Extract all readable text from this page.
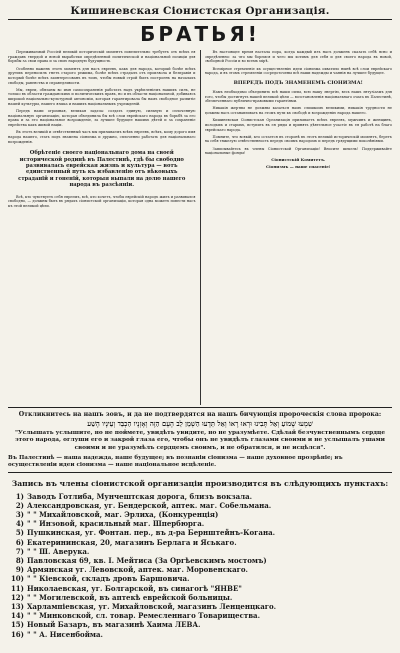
Кишиневская Сіонистская Организація.
БРАТЬЯ!

Переживаемый Россіей великій историческій моментъ повелительно требуетъ отъ всѣхъ ея граждавъ твердой и ясной выработки опредѣленной политической и національной позиціи для борьбы за свои права и за свою народную будущность.

Особенно важенъ этотъ моментъ для насъ евреевъ, какъ для народа, который болѣе всѣхъ другихъ переносилъ гнетъ старого режима, болѣе всѣхъ страдалъ отъ произвола и безправія и который болѣе всѣхъ заинтересованъ въ томъ, чтобы новый строй былъ построенъ на началахъ свободы, равенства и справедливости.

Мы, евреи, обязаны во имя самосохраненія работать надъ укрѣпленіемъ нашихъ силъ, не только въ области гражданскихъ и политическихъ правъ, но и въ области національной, добиваясь широкой національно-культурной автономіи, которая гарантировала бы намъ свободное развитіе нашей культуры, нашего языка и нашихъ національныхъ учрежденій.

Передъ нами огромная, великая задача: создать единую, сильную и сплоченную національную организацію, которая объединила бы всѣ слои еврейскаго народа въ борьбѣ за его права и за его національное возрожденіе, за лучшее будущее нашихъ дѣтей и за сохраненіе еврейства какъ живой націи.

Въ этотъ великій и отвѣтственный часъ мы призываемъ всѣхъ евреевъ, всѣхъ, кому дорого имя народа нашего, стать подъ знамена сіонизма и дружно, сплоченно работать для національнаго возрожденія.

Обрѣтеніе своего національнаго дома на своей исторической родинѣ въ Палестинѣ, гдѣ бы свободно развивалась еврейская жизнь и культура — вотъ единственный путь къ избавленію отъ вѣковыхъ страданій и гоненій, которыя выпали на долю нашего народа въ разсѣяніи.

Всѣ, кто чувствуетъ себя евреемъ, всѣ, кто хочетъ, чтобы еврейскій народъ жилъ и развивался свободно, — должны быть въ рядахъ сіонистской организаціи, которая одна можетъ повести насъ къ этой великой цѣли.

Въ настоящее время настала пора, когда каждый изъ насъ долженъ сказать себѣ ясно и опредѣленно: за что мы боремся и чего мы хотимъ для себя и для своего народа въ новой, свободной Россіи и во всемъ мірѣ.

Всемірное стремленіе къ осуществленію идеи сіонизма охватило нынѣ всѣ слои еврейскаго народа, и въ этомъ стремленіи сосредоточены всѣ наши надежды и чаянія на лучшее будущее.

ВПЕРЕДЪ ПОДЪ ЗНАМЕНЕМЪ СІОНИЗМА!

Намъ необходимо объединить всѣ наши силы, всю нашу энергію, весь нашъ энтузіазмъ для того, чтобы достигнуть нашей великой цѣли — возстановленія національнаго очага въ Палестинѣ, обезпеченнаго публично-правовыми гарантіями.

Никакія жертвы не должны казаться намъ слишкомъ великими, никакія трудности не должны насъ останавливать на этомъ пути къ свободѣ и возрожденію народа нашего.

Кишиневская Сіонистская Организація призываетъ всѣхъ евреевъ, мужчинъ и женщинъ, молодыхъ и старыхъ, вступить въ ея ряды и принять дѣятельное участіе въ ея работѣ на благо еврейскаго народа.

Помните, что всякій, кто остается въ сторонѣ въ этотъ великій историческій моментъ, беретъ на себя тяжелую отвѣтственность передъ своимъ народомъ и передъ грядущими поколѣніями.

Записывайтесь въ члены Сіонистской Организаціи! Вносите шекель! Поддерживайте національные фонды!

Сіонистскій Комитетъ.

Сіонизмъ — наше спасеніе!

Откликнитесь на нашъ зовъ, и да не подтвердятся на нашъ бичующія пророческія слова пророка:
שִׁמְעוּ שָׁמוֹעַ וְאַל תָּבִינוּ וּרְאוּ רָאוֹ וְאַל תֵּדָעוּ הַשְׁמֵן לֵב הָעָם הַזֶּה וְאָזְנָיו הַכְבֵּד וְעֵינָיו הָשַׁע
"Услышать услышите, но не поймете, увидѣть увидите, но не уразумѣете. Сдѣлай безчувственнымъ сердце этого народа, оглуши его и закрой глаза его, чтобы онъ не увидѣлъ глазами своими и не услышалъ ушами своими и не уразумѣлъ сердцемъ своимъ, и не обратился, и не исцѣлся".
Въ Палестинѣ — наша надежда, наше будущее; въ познаніи сіонизма — наше духовное прозрѣніе; въ осуществленіи идеи сіонизма — наше національное исцѣленіе.
Запись въ члены сіонистской организаціи производится въ слѣдующихъ пунктахъ:
1) Заводъ Готлиба, Мунчештская дорога, близъ вокзала.
2) Александровская, уг. Бендерской, аптек. маг. Собельмана.
3) " " Михайловской, маг. Эрлиха, (Конкуренція)
4) " " Инзовой, красильный маг. Шпербюрга.
5) Пушкинская, уг. Фонтан. пер., въ д-ра Бернштейнъ-Когана.
6) Екатерининская, 20, магазинъ Берлага и Яськаго.
7) " " Ш. Аверука.
8) Павловская 69, кв. І. Мейтиса (За Оргѣевскимъ мостомъ)
9) Армянская уг. Левовской, аптек. маг. Моровенскаго.
10) " " Кіевской, складъ дровъ Баршовича.
11) Николаевская, уг. Болгарской, въ синагогѣ "ЯНВЕ"
12) " " Могилевской, въ аптекѣ еврейской больницы.
13) Харлампіевская, уг. Михайловской, магазинъ Ленценцкаго.
14) " " Минковской, сл. товар. Ремесленнаго Товарищества.
15) Новый Базаръ, въ магазинѣ Хаима ЛЕВА.
16) " " А. Нисенбойма.
